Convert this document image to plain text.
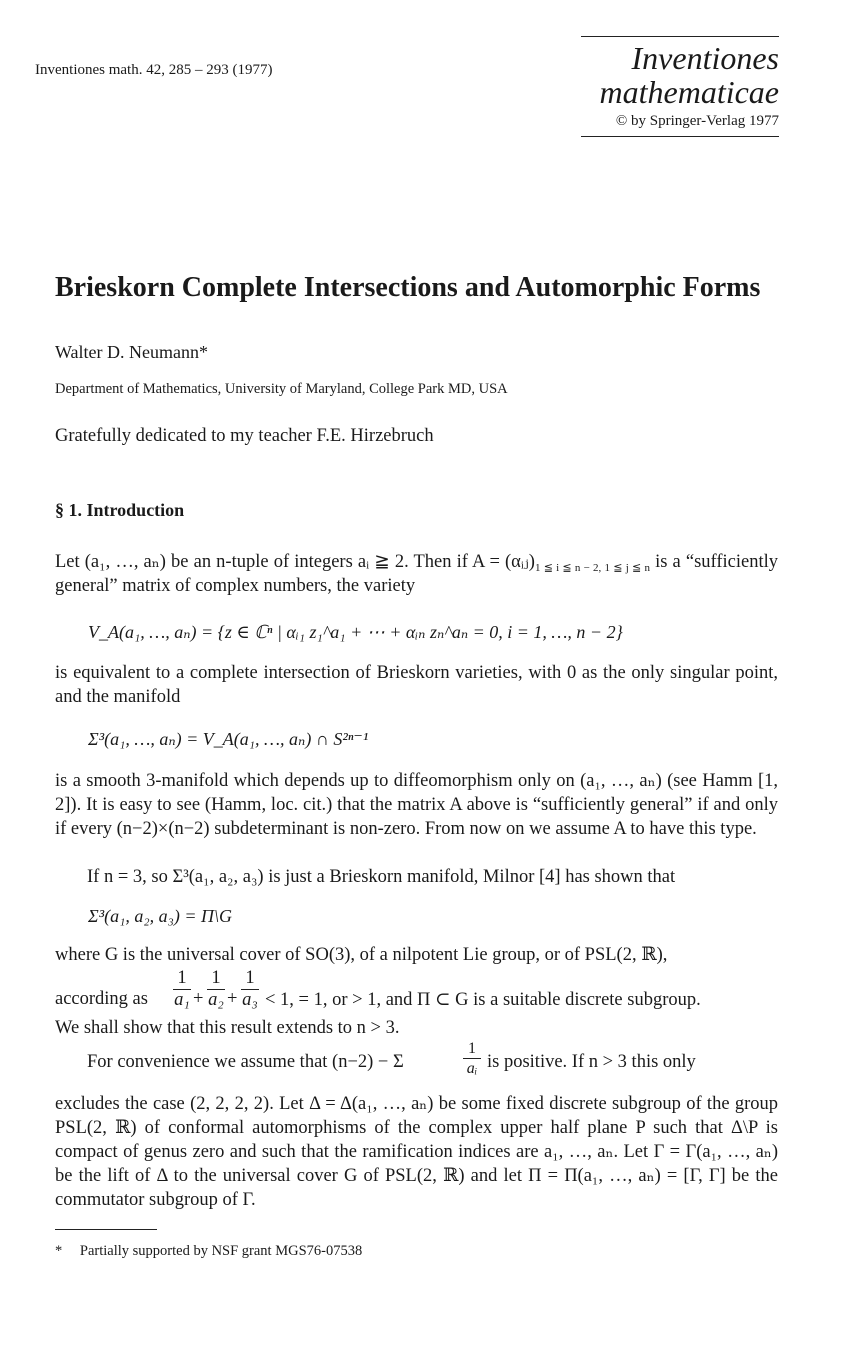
Inventiones math. 42, 285 – 293 (1977)	Inventiones
mathematicae
© by Springer-Verlag 1977
Brieskorn Complete Intersections and Automorphic Forms
Walter D. Neumann*
Department of Mathematics, University of Maryland, College Park MD, USA
Gratefully dedicated to my teacher F.E. Hirzebruch
§ 1. Introduction
Let (a₁, …, aₙ) be an n-tuple of integers aᵢ ≧ 2. Then if $A = (\alpha ᵢⱼ)_{1 ≦ i ≦ n - 2, 1 ≦ j ≦ n}$ is a “sufficiently general” matrix of complex numbers, the variety
V_A(a₁, …, aₙ) = {z ∈ ℂⁿ | αᵢ₁ z₁^a₁ + ⋯ + αᵢₙ zₙ^aₙ = 0, i = 1, …, n − 2}
is equivalent to a complete intersection of Brieskorn varieties, with 0 as the only singular point, and the manifold
Σ³(a₁, …, aₙ) = V_A(a₁, …, aₙ) ∩ S²ⁿ⁻¹
is a smooth 3-manifold which depends up to diffeomorphism only on (a₁, …, aₙ) (see Hamm [1, 2]). It is easy to see (Hamm, loc. cit.) that the matrix A above is “sufficiently general” if and only if every (n−2)×(n−2) subdeterminant is non-zero. From now on we assume A to have this type.
If n = 3, so Σ³(a₁, a₂, a₃) is just a Brieskorn manifold, Milnor [4] has shown that
Σ³(a₁, a₂, a₃) = Π\G
where G is the universal cover of SO(3), of a nilpotent Lie group, or of PSL(2, ℝ),
according as $\frac{1}{\text{a₁}} + \frac{1}{\text{a₂}} + \frac{1}{\text{a₃}} < 1$, = 1, or > 1, and Π ⊂ G is a suitable discrete subgroup.
We shall show that this result extends to n > 3.
For convenience we assume that (n−2) − Σ	$\frac{1}{\text{aᵢ}}$ is positive. If n > 3 this only
excludes the case (2, 2, 2, 2). Let Δ = Δ(a₁, …, aₙ) be some fixed discrete subgroup of the group PSL(2, ℝ) of conformal automorphisms of the complex upper half plane P such that Δ\P is compact of genus zero and such that the ramification indices are a₁, …, aₙ. Let Γ = Γ(a₁, …, aₙ) be the lift of Δ to the universal cover G of PSL(2, ℝ) and let Π = Π(a₁, …, aₙ) = [Γ, Γ] be the commutator subgroup of Γ.
* Partially supported by NSF grant MGS76-07538
